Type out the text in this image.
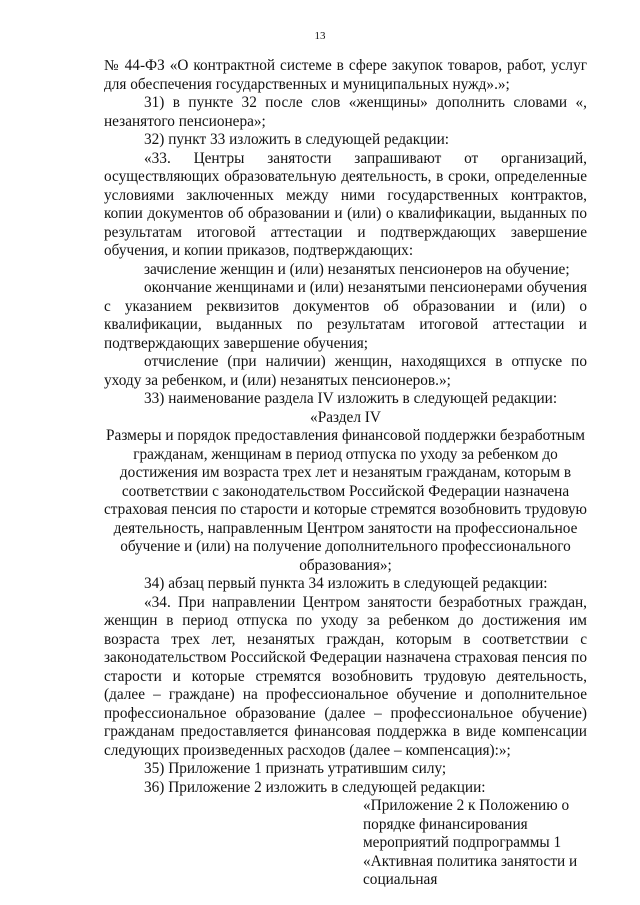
13

№ 44-ФЗ «О контрактной системе в сфере закупок товаров, работ, услуг для обеспечения государственных и муниципальных нужд».»;

31) в пункте 32 после слов «женщины» дополнить словами «, незанятого пенсионера»;

32) пункт 33 изложить в следующей редакции:

«33. Центры занятости запрашивают от организаций, осуществляющих образовательную деятельность, в сроки, определенные условиями заключенных между ними государственных контрактов, копии документов об образовании и (или) о квалификации, выданных по результатам итоговой аттестации и подтверждающих завершение обучения, и копии приказов, подтверждающих:

зачисление женщин и (или) незанятых пенсионеров на обучение;

окончание женщинами и (или) незанятыми пенсионерами обучения с указанием реквизитов документов об образовании и (или) о квалификации, выданных по результатам итоговой аттестации и подтверждающих завершение обучения;

отчисление (при наличии) женщин, находящихся в отпуске по уходу за ребенком, и (или) незанятых пенсионеров.»;

33) наименование раздела IV изложить в следующей редакции:

«Раздел IV

Размеры и порядок предоставления финансовой поддержки безработным гражданам, женщинам в период отпуска по уходу за ребенком до достижения им возраста трех лет и незанятым гражданам, которым в соответствии с законодательством Российской Федерации назначена страховая пенсия по старости и которые стремятся возобновить трудовую деятельность, направленным Центром занятости на профессиональное обучение и (или) на получение дополнительного профессионального образования»;

34) абзац первый пункта 34 изложить в следующей редакции:

«34. При направлении Центром занятости безработных граждан, женщин в период отпуска по уходу за ребенком до достижения им возраста трех лет, незанятых граждан, которым в соответствии с законодательством Российской Федерации назначена страховая пенсия по старости и которые стремятся возобновить трудовую деятельность, (далее – граждане) на профессиональное обучение и дополнительное профессиональное образование (далее – профессиональное обучение) гражданам предоставляется финансовая поддержка в виде компенсации следующих произведенных расходов (далее – компенсация):»;

35) Приложение 1 признать утратившим силу;

36) Приложение 2 изложить в следующей редакции:

«Приложение 2 к Положению о порядке финансирования мероприятий подпрограммы 1 «Активная политика занятости и социальная
